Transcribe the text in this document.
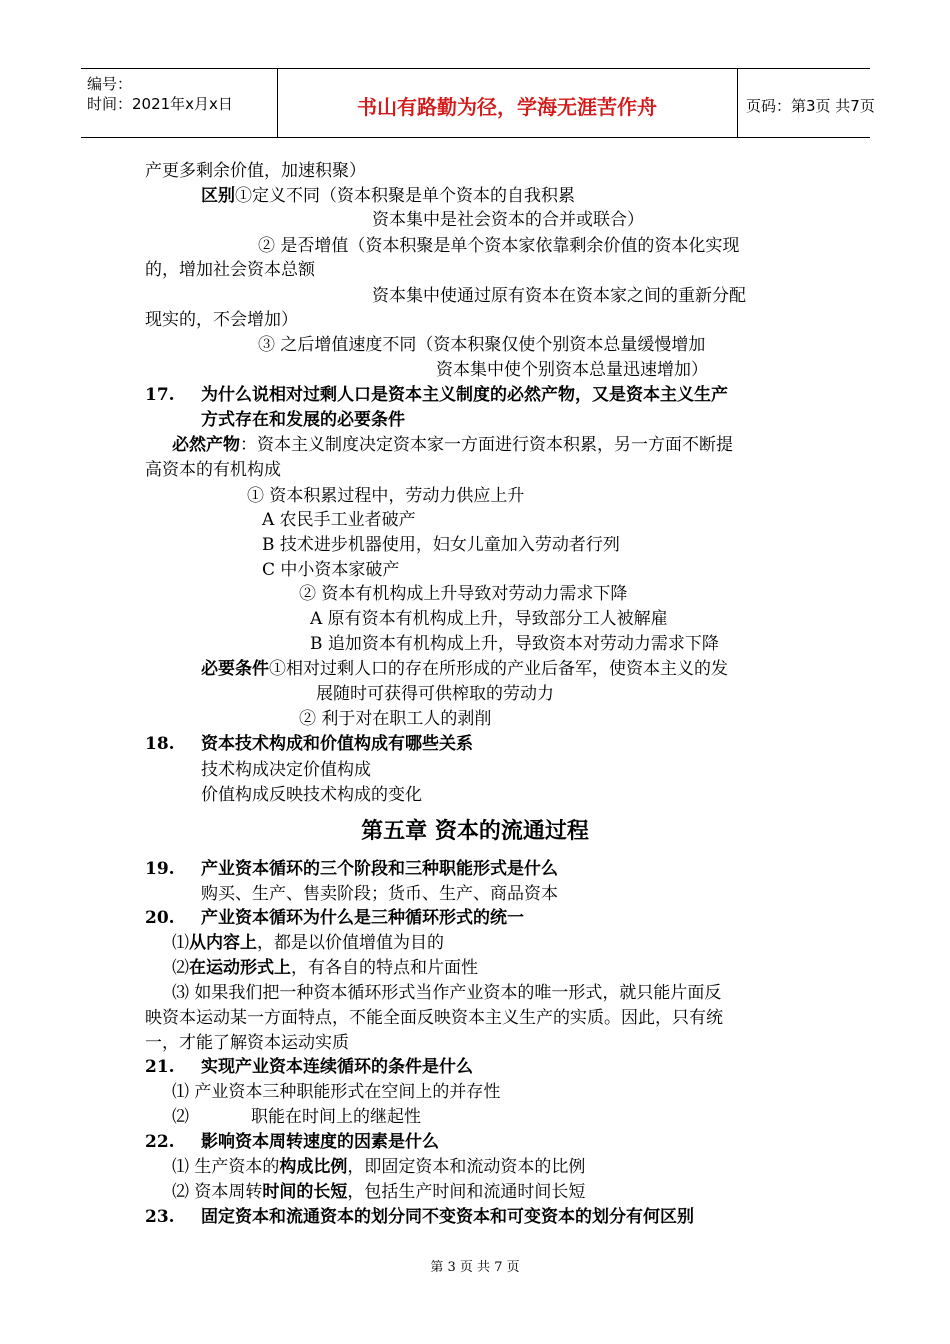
编号：
时间：2021年x月x日	书山有路勤为径，学海无涯苦作舟	页码：第3页 共7页
产更多剩余价值，加速积聚）
区别①定义不同（资本积聚是单个资本的自我积累
资本集中是社会资本的合并或联合）
② 是否增值（资本积聚是单个资本家依靠剩余价值的资本化实现
的，增加社会资本总额
资本集中使通过原有资本在资本家之间的重新分配
现实的，不会增加）
③ 之后增值速度不同（资本积聚仅使个别资本总量缓慢增加
资本集中使个别资本总量迅速增加）
17. 为什么说相对过剩人口是资本主义制度的必然产物，又是资本主义生产
方式存在和发展的必要条件
必然产物：资本主义制度决定资本家一方面进行资本积累，另一方面不断提
高资本的有机构成
① 资本积累过程中，劳动力供应上升
A 农民手工业者破产
B 技术进步机器使用，妇女儿童加入劳动者行列
C 中小资本家破产
② 资本有机构成上升导致对劳动力需求下降
A 原有资本有机构成上升，导致部分工人被解雇
B 追加资本有机构成上升，导致资本对劳动力需求下降
必要条件①相对过剩人口的存在所形成的产业后备军，使资本主义的发
展随时可获得可供榨取的劳动力
② 利于对在职工人的剥削
18. 资本技术构成和价值构成有哪些关系
技术构成决定价值构成
价值构成反映技术构成的变化
第五章 资本的流通过程
19. 产业资本循环的三个阶段和三种职能形式是什么
购买、生产、售卖阶段；货币、生产、商品资本
20. 产业资本循环为什么是三种循环形式的统一
⑴从内容上，都是以价值增值为目的
⑵在运动形式上，有各自的特点和片面性
⑶ 如果我们把一种资本循环形式当作产业资本的唯一形式，就只能片面反
映资本运动某一方面特点，不能全面反映资本主义生产的实质。因此，只有统
一，才能了解资本运动实质
21. 实现产业资本连续循环的条件是什么
⑴ 产业资本三种职能形式在空间上的并存性
⑵	职能在时间上的继起性
22. 影响资本周转速度的因素是什么
⑴ 生产资本的构成比例，即固定资本和流动资本的比例
⑵ 资本周转时间的长短，包括生产时间和流通时间长短
23. 固定资本和流通资本的划分同不变资本和可变资本的划分有何区别
第 3 页 共 7 页
